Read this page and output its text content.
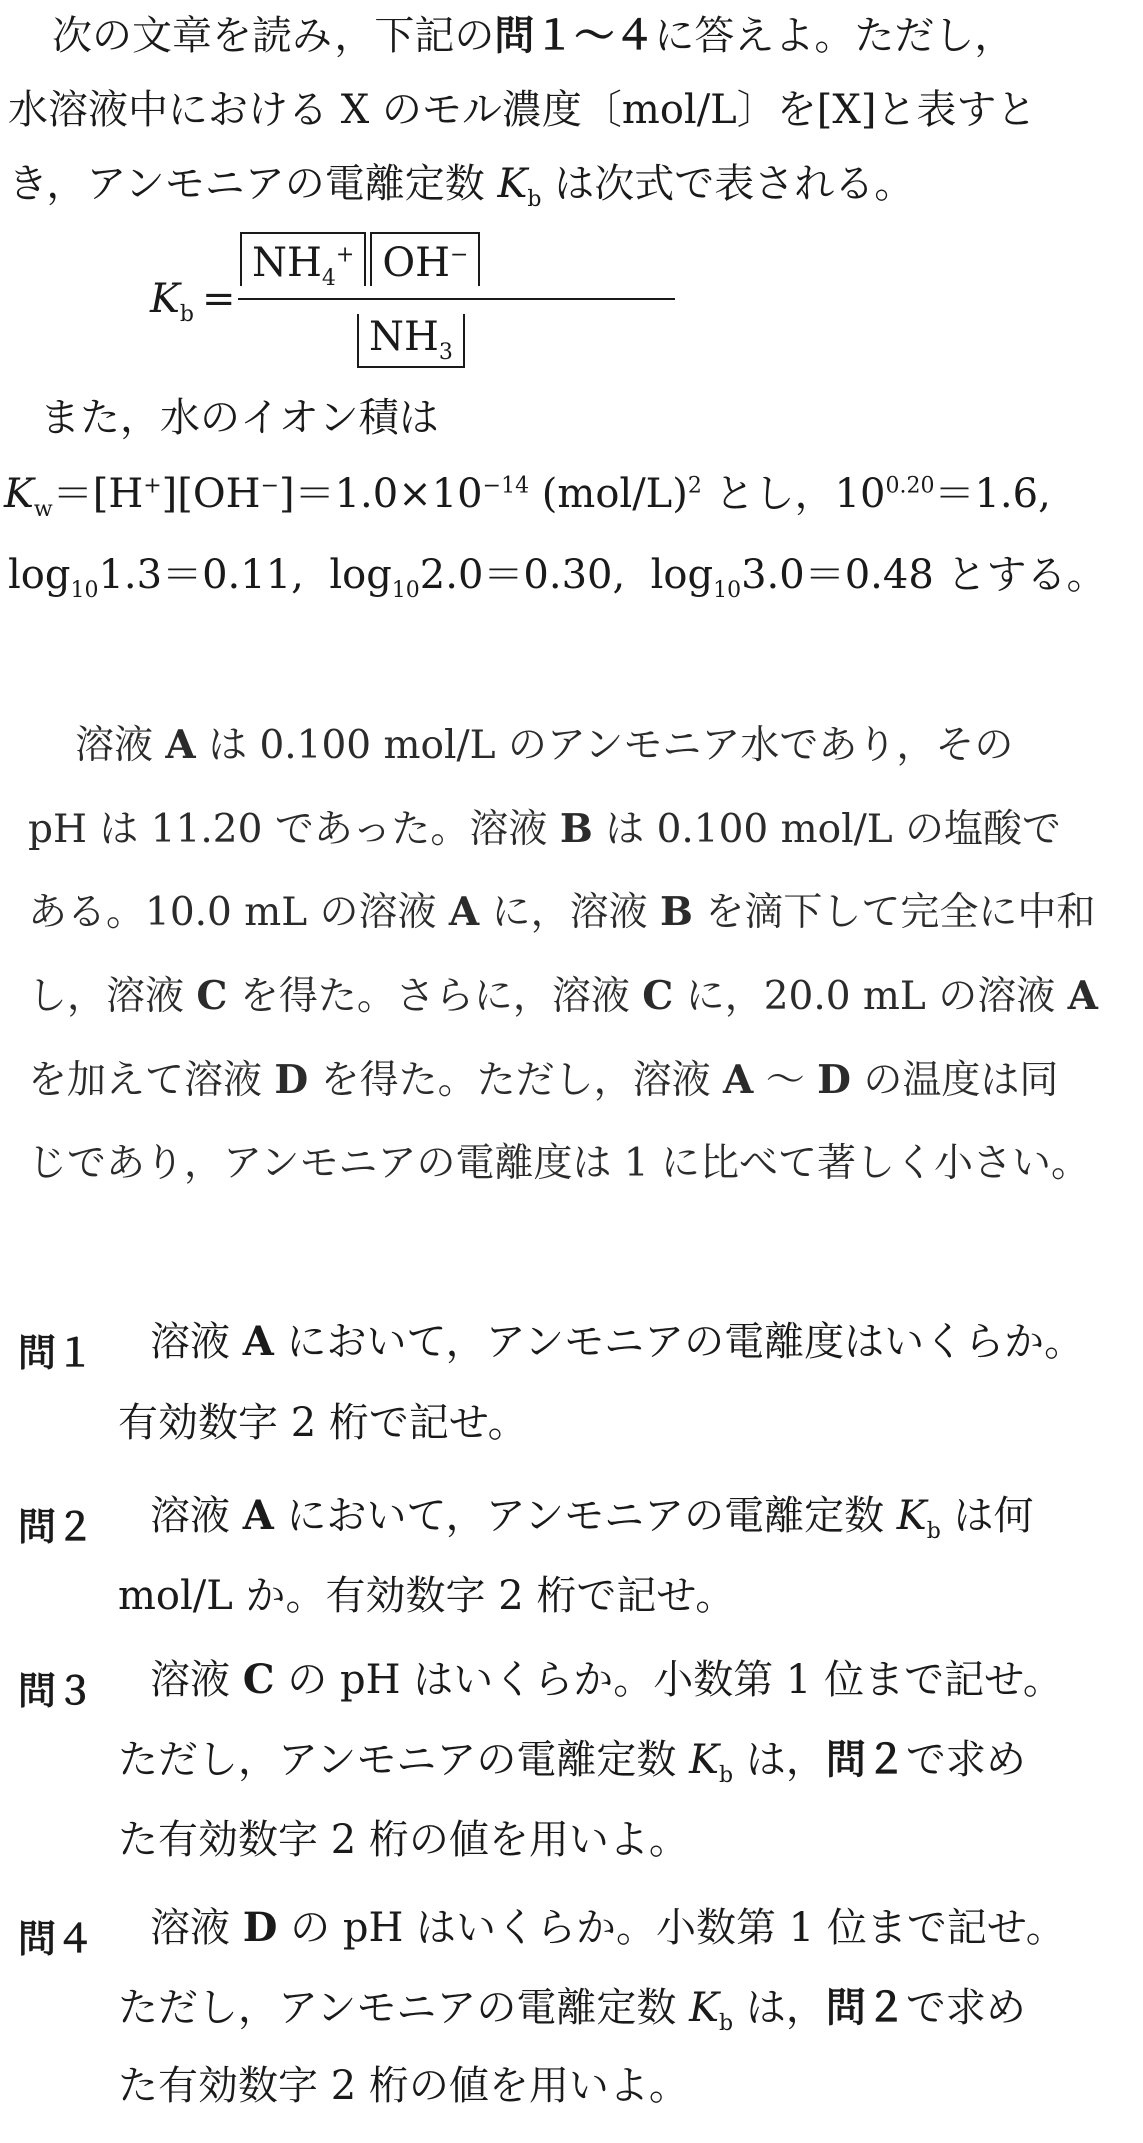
次の文章を読み，下記の問１～４に答えよ。ただし，
水溶液中における X のモル濃度〔mol/L〕を[X]と表すと
き，アンモニアの電離定数 $K_b$ は次式で表される。
$K_b$ =
$NH_4^+$ OH−
$NH_3$
また，水のイオン積は
$K_w=[H^+][OH^-]=1.0\times 10^{-14}$ $(mol/L)^2$ とし，$10^{0.20}=1.6$,
$\log_{10}1.3=0.11$, $\log_{10}2.0=0.30$, $\log_{10}3.0=0.48$ とする。
溶液 A は 0.100 mol/L のアンモニア水であり，その
pH は 11.20 であった。溶液 B は 0.100 mol/L の塩酸で
ある。10.0 mL の溶液 A に，溶液 B を滴下して完全に中和
し，溶液 C を得た。さらに，溶液 C に，20.0 mL の溶液 A
を加えて溶液 D を得た。ただし，溶液 A ～ D の温度は同
じであり，アンモニアの電離度は 1 に比べて著しく小さい。
問１ 溶液 A において，アンモニアの電離度はいくらか。
有効数字 2 桁で記せ。
問２ 溶液 A において，アンモニアの電離定数 $K_b$ は何
mol/L か。有効数字 2 桁で記せ。
問３ 溶液 C の pH はいくらか。小数第 1 位まで記せ。
ただし，アンモニアの電離定数 $K_b$ は，問２で求め
た有効数字 2 桁の値を用いよ。
問４ 溶液 D の pH はいくらか。小数第 1 位まで記せ。
ただし，アンモニアの電離定数 $K_b$ は，問２で求め
た有効数字 2 桁の値を用いよ。
